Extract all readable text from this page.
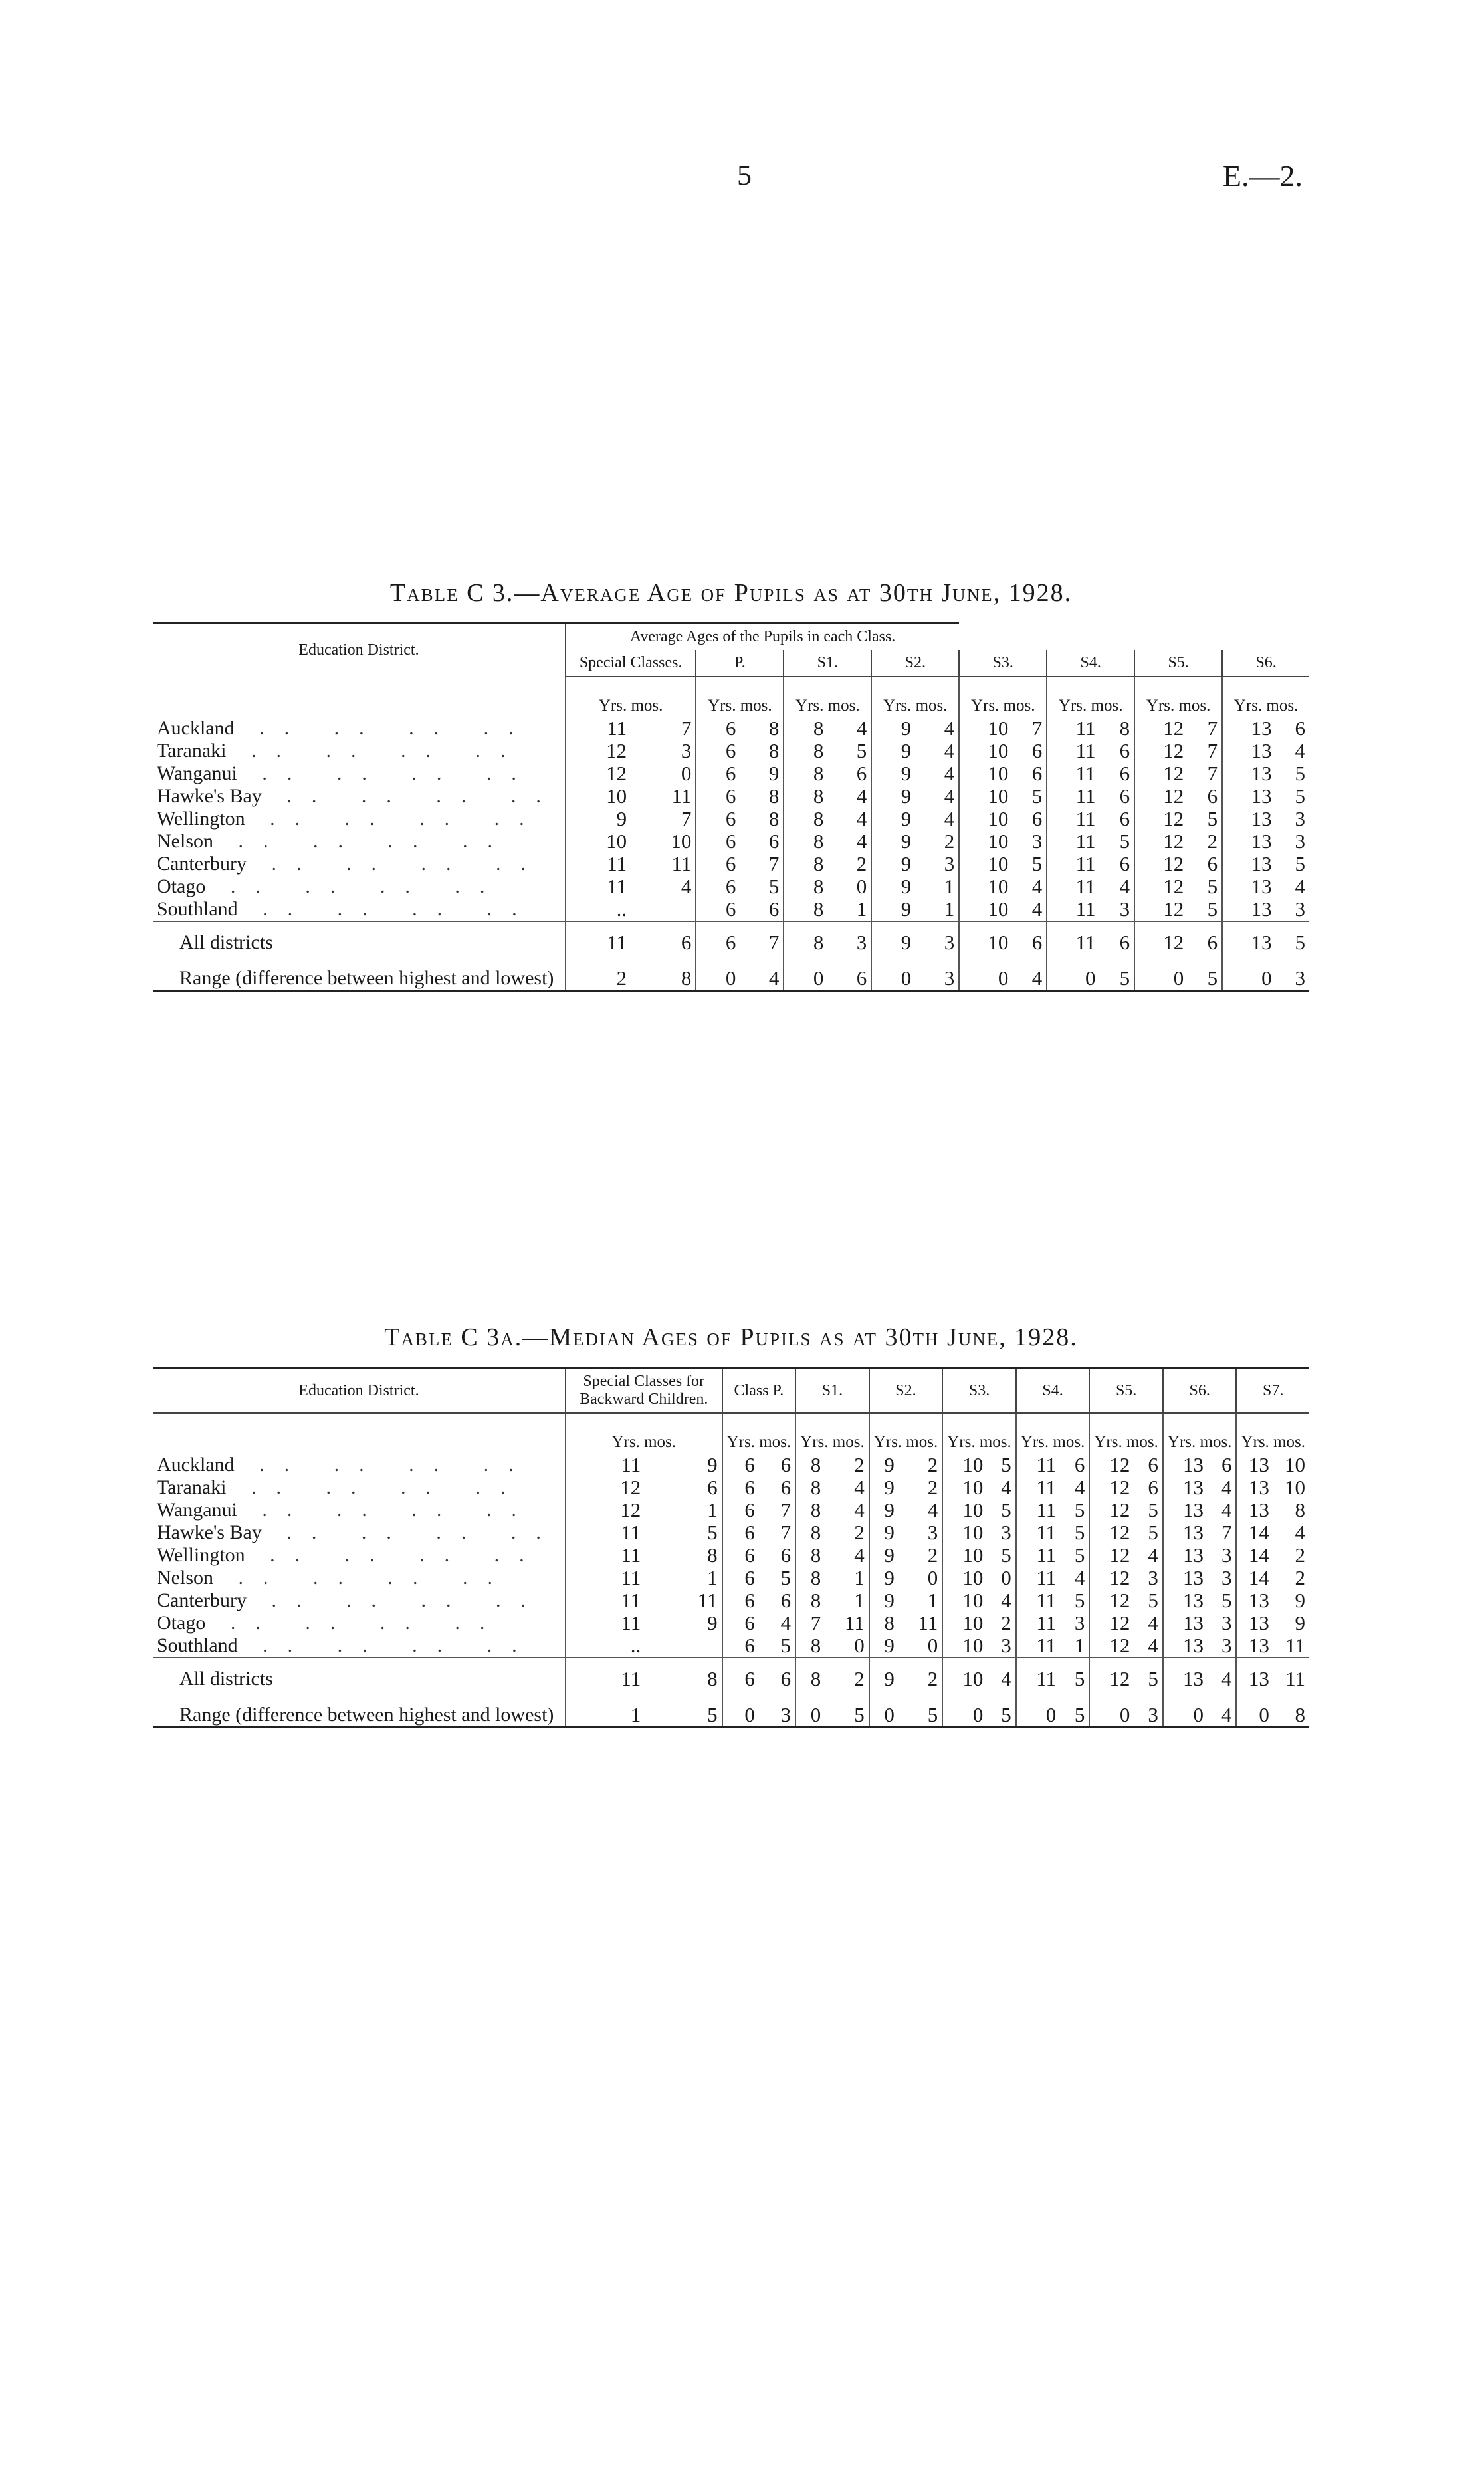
5	E.—2.
Table C 3.—Average Age of Pupils as at 30th June, 1928.
Education District.	Average Ages of the Pupils in each Class.															
	Special Classes.		P.		S1.		S2.		S3.		S4.		S5.		S6.	
	Yrs. mos.		Yrs. mos.		Yrs. mos.		Yrs. mos.		Yrs. mos.		Yrs. mos.		Yrs. mos.		Yrs. mos.	
Auckland .. .. .. ..	11	7	6	8	8	4	9	4	10	7	11	8	12	7	13	6
Taranaki .. .. .. ..	12	3	6	8	8	5	9	4	10	6	11	6	12	7	13	4
Wanganui .. .. .. ..	12	0	6	9	8	6	9	4	10	6	11	6	12	7	13	5
Hawke's Bay .. .. .. ..	10	11	6	8	8	4	9	4	10	5	11	6	12	6	13	5
Wellington .. .. .. ..	9	7	6	8	8	4	9	4	10	6	11	6	12	5	13	3
Nelson .. .. .. ..	10	10	6	6	8	4	9	2	10	3	11	5	12	2	13	3
Canterbury .. .. .. ..	11	11	6	7	8	2	9	3	10	5	11	6	12	6	13	5
Otago .. .. .. ..	11	4	6	5	8	0	9	1	10	4	11	4	12	5	13	4
Southland .. .. .. ..	..		6	6	8	1	9	1	10	4	11	3	12	5	13	3
All districts	11	6	6	7	8	3	9	3	10	6	11	6	12	6	13	5
Range (difference between highest and lowest)	2	8	0	4	0	6	0	3	0	4	0	5	0	5	0	3
Table C 3a.—Median Ages of Pupils as at 30th June, 1928.
Education District.	Special Classes for Backward Children.		Class P.		S1.		S2.		S3.		S4.		S5.		S6.		S7.	
	Yrs. mos.		Yrs. mos.		Yrs. mos.		Yrs. mos.		Yrs. mos.		Yrs. mos.		Yrs. mos.		Yrs. mos.		Yrs. mos.	
Auckland .. .. .. ..	11	9	6	6	8	2	9	2	10	5	11	6	12	6	13	6	13	10
Taranaki .. .. .. ..	12	6	6	6	8	4	9	2	10	4	11	4	12	6	13	4	13	10
Wanganui .. .. .. ..	12	1	6	7	8	4	9	4	10	5	11	5	12	5	13	4	13	8
Hawke's Bay .. .. .. ..	11	5	6	7	8	2	9	3	10	3	11	5	12	5	13	7	14	4
Wellington .. .. .. ..	11	8	6	6	8	4	9	2	10	5	11	5	12	4	13	3	14	2
Nelson .. .. .. ..	11	1	6	5	8	1	9	0	10	0	11	4	12	3	13	3	14	2
Canterbury .. .. .. ..	11	11	6	6	8	1	9	1	10	4	11	5	12	5	13	5	13	9
Otago .. .. .. ..	11	9	6	4	7	11	8	11	10	2	11	3	12	4	13	3	13	9
Southland .. .. .. ..	..		6	5	8	0	9	0	10	3	11	1	12	4	13	3	13	11
All districts	11	8	6	6	8	2	9	2	10	4	11	5	12	5	13	4	13	11
Range (difference between highest and lowest)	1	5	0	3	0	5	0	5	0	5	0	5	0	3	0	4	0	8
